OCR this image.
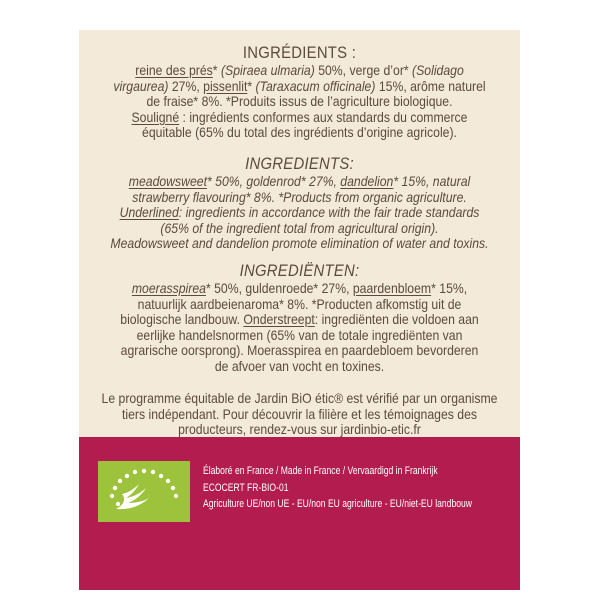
INGRÉDIENTS :
reine des prés* (Spiraea ulmaria) 50%, verge d’or* (Solidago
virgaurea) 27%, pissenlit* (Taraxacum officinale) 15%, arôme naturel
de fraise* 8%. *Produits issus de l’agriculture biologique.
Souligné : ingrédients conformes aux standards du commerce
équitable (65% du total des ingrédients d’origine agricole).
INGREDIENTS:
meadowsweet* 50%, goldenrod* 27%, dandelion* 15%, natural
strawberry flavouring* 8%. *Products from organic agriculture.
Underlined: ingredients in accordance with the fair trade standards
(65% of the ingredient total from agricultural origin).
Meadowsweet and dandelion promote elimination of water and toxins.
INGREDIËNTEN:
moerasspirea* 50%, guldenroede* 27%, paardenbloem* 15%,
natuurlijk aardbeienaroma* 8%. *Producten afkomstig uit de
biologische landbouw. Onderstreept: ingrediënten die voldoen aan
eerlijke handelsnormen (65% van de totale ingrediënten van
agrarische oorsprong). Moerasspirea en paardebloem bevorderen
de afvoer van vocht en toxines.
Le programme équitable de Jardin BiO étic® est vérifié par un organisme
tiers indépendant. Pour découvrir la filière et les témoignages des
producteurs, rendez-vous sur jardinbio-etic.fr
Élaboré en France / Made in France / Vervaardigd in Frankrijk
ECOCERT FR-BIO-01
Agriculture UE/non UE - EU/non EU agriculture - EU/niet-EU landbouw
